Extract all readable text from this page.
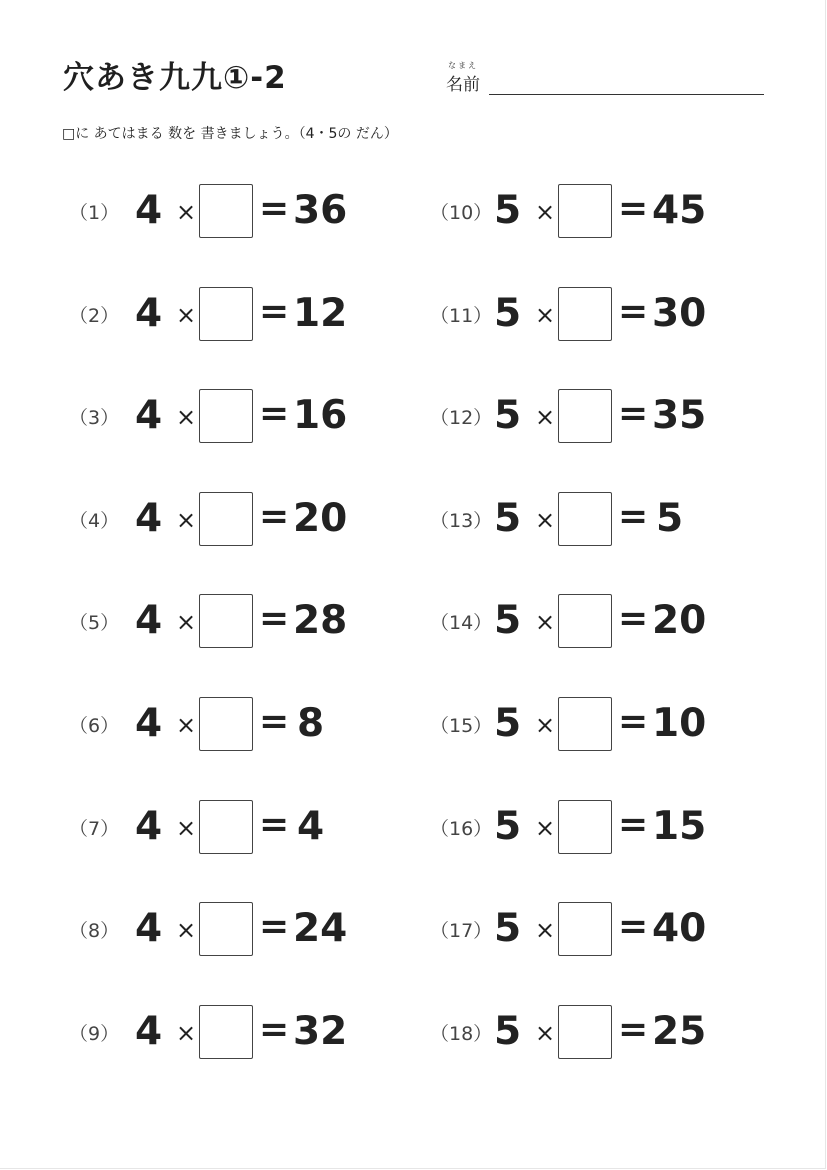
穴あき九九①-2	なまえ
名前
□に あてはまる 数を 書きましょう。（4・5の だん）
（1） 4 × = 36
（2） 4 × = 12
（3） 4 × = 16
（4） 4 × = 20
（5） 4 × = 28
（6） 4 × = 8
（7） 4 × = 4
（8） 4 × = 24
（9） 4 × = 32
（10） 5 × = 45
（11） 5 × = 30
（12） 5 × = 35
（13） 5 × = 5
（14） 5 × = 20
（15） 5 × = 10
（16） 5 × = 15
（17） 5 × = 40
（18） 5 × = 25
